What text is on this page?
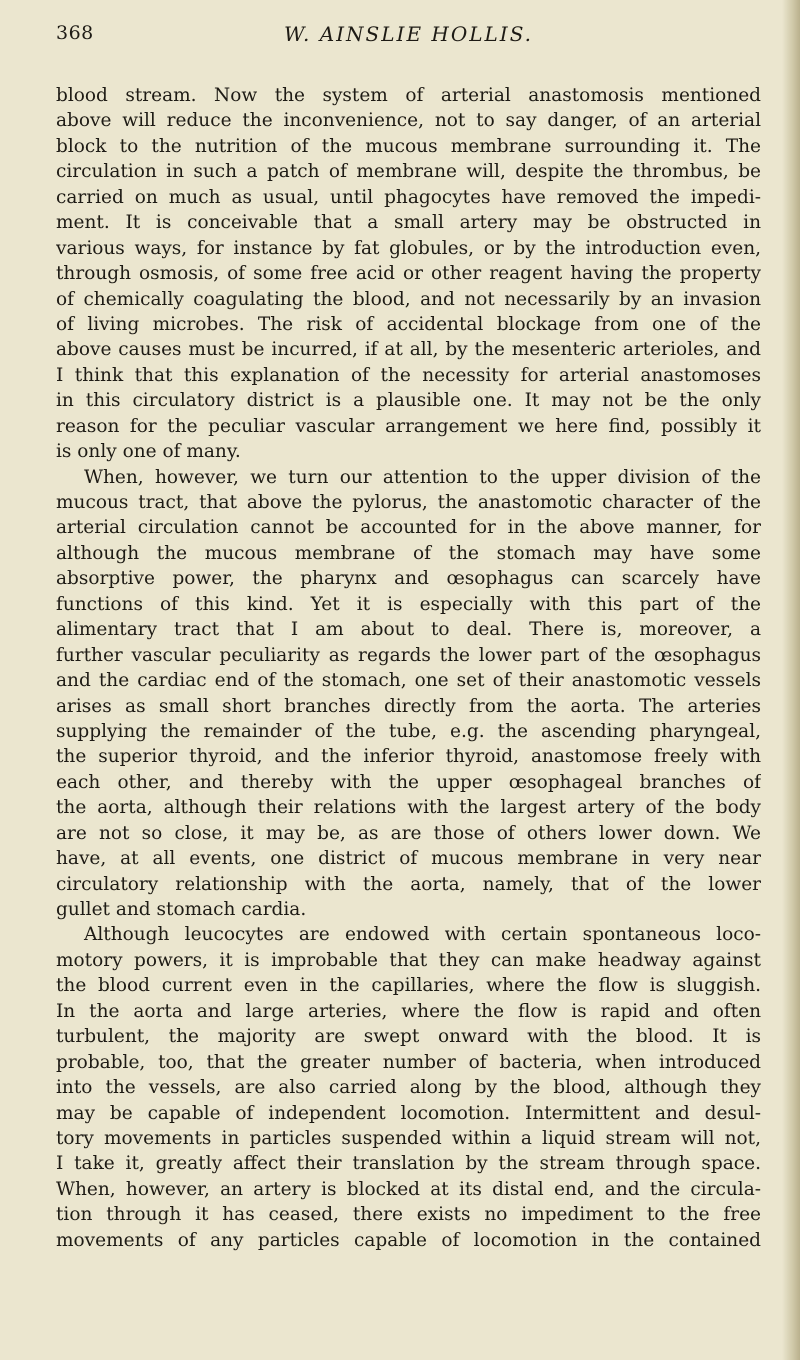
368	W. AINSLIE HOLLIS.
blood stream. Now the system of arterial anastomosis mentioned
above will reduce the inconvenience, not to say danger, of an arterial
block to the nutrition of the mucous membrane surrounding it. The
circulation in such a patch of membrane will, despite the thrombus, be
carried on much as usual, until phagocytes have removed the impedi-
ment. It is conceivable that a small artery may be obstructed in
various ways, for instance by fat globules, or by the introduction even,
through osmosis, of some free acid or other reagent having the property
of chemically coagulating the blood, and not necessarily by an invasion
of living microbes. The risk of accidental blockage from one of the
above causes must be incurred, if at all, by the mesenteric arterioles, and
I think that this explanation of the necessity for arterial anastomoses
in this circulatory district is a plausible one. It may not be the only
reason for the peculiar vascular arrangement we here find, possibly it
is only one of many.
When, however, we turn our attention to the upper division of the
mucous tract, that above the pylorus, the anastomotic character of the
arterial circulation cannot be accounted for in the above manner, for
although the mucous membrane of the stomach may have some
absorptive power, the pharynx and œsophagus can scarcely have
functions of this kind. Yet it is especially with this part of the
alimentary tract that I am about to deal. There is, moreover, a
further vascular peculiarity as regards the lower part of the œsophagus
and the cardiac end of the stomach, one set of their anastomotic vessels
arises as small short branches directly from the aorta. The arteries
supplying the remainder of the tube, e.g. the ascending pharyngeal,
the superior thyroid, and the inferior thyroid, anastomose freely with
each other, and thereby with the upper œsophageal branches of
the aorta, although their relations with the largest artery of the body
are not so close, it may be, as are those of others lower down. We
have, at all events, one district of mucous membrane in very near
circulatory relationship with the aorta, namely, that of the lower
gullet and stomach cardia.
Although leucocytes are endowed with certain spontaneous loco-
motory powers, it is improbable that they can make headway against
the blood current even in the capillaries, where the flow is sluggish.
In the aorta and large arteries, where the flow is rapid and often
turbulent, the majority are swept onward with the blood. It is
probable, too, that the greater number of bacteria, when introduced
into the vessels, are also carried along by the blood, although they
may be capable of independent locomotion. Intermittent and desul-
tory movements in particles suspended within a liquid stream will not,
I take it, greatly affect their translation by the stream through space.
When, however, an artery is blocked at its distal end, and the circula-
tion through it has ceased, there exists no impediment to the free
movements of any particles capable of locomotion in the contained
